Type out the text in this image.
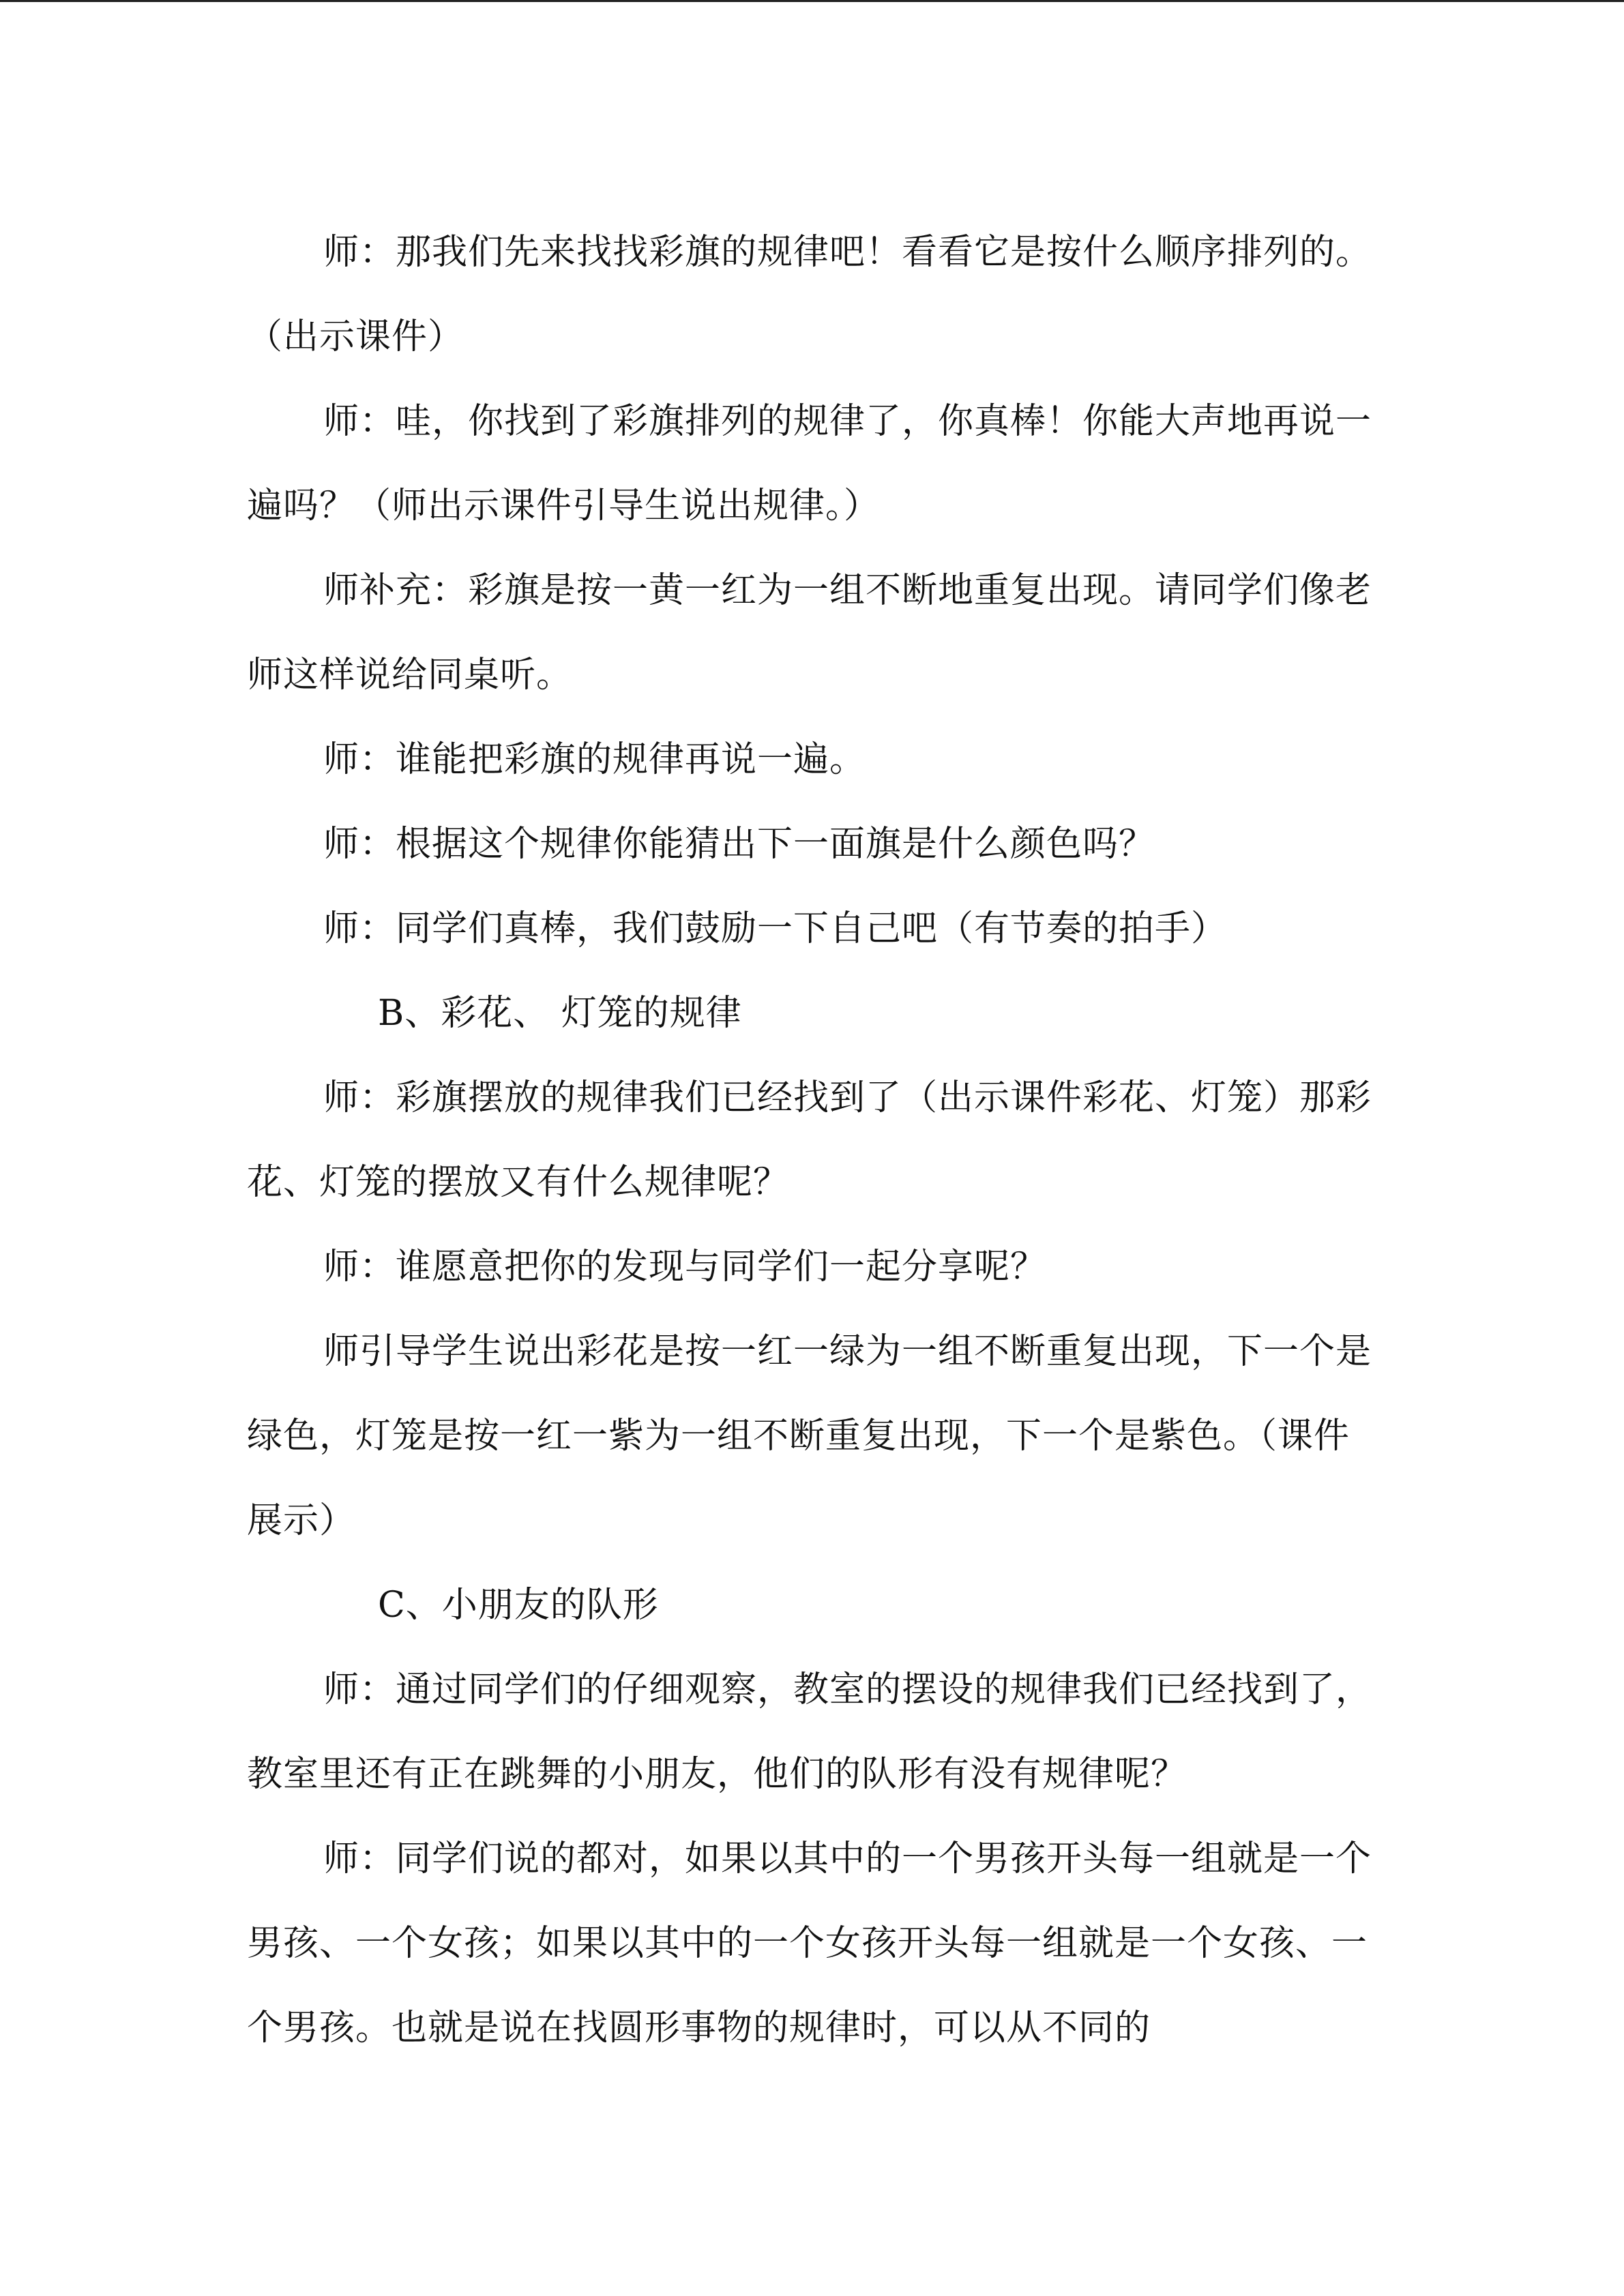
师：那我们先来找找彩旗的规律吧！看看它是按什么顺序排列的。（出示课件）

师：哇，你找到了彩旗排列的规律了，你真棒！你能大声地再说一遍吗？（师出示课件引导生说出规律。）

师补充：彩旗是按一黄一红为一组不断地重复出现。请同学们像老师这样说给同桌听。

师：谁能把彩旗的规律再说一遍。

师：根据这个规律你能猜出下一面旗是什么颜色吗？

师：同学们真棒，我们鼓励一下自己吧（有节奏的拍手）

B、彩花、 灯笼的规律

师：彩旗摆放的规律我们已经找到了（出示课件彩花、灯笼）那彩花、灯笼的摆放又有什么规律呢？

师：谁愿意把你的发现与同学们一起分享呢？

师引导学生说出彩花是按一红一绿为一组不断重复出现，下一个是绿色，灯笼是按一红一紫为一组不断重复出现，下一个是紫色。（课件展示）

C、小朋友的队形

师：通过同学们的仔细观察，教室的摆设的规律我们已经找到了，教室里还有正在跳舞的小朋友，他们的队形有没有规律呢？

师：同学们说的都对，如果以其中的一个男孩开头每一组就是一个男孩、一个女孩；如果以其中的一个女孩开头每一组就是一个女孩、一个男孩。也就是说在找圆形事物的规律时，可以从不同的
